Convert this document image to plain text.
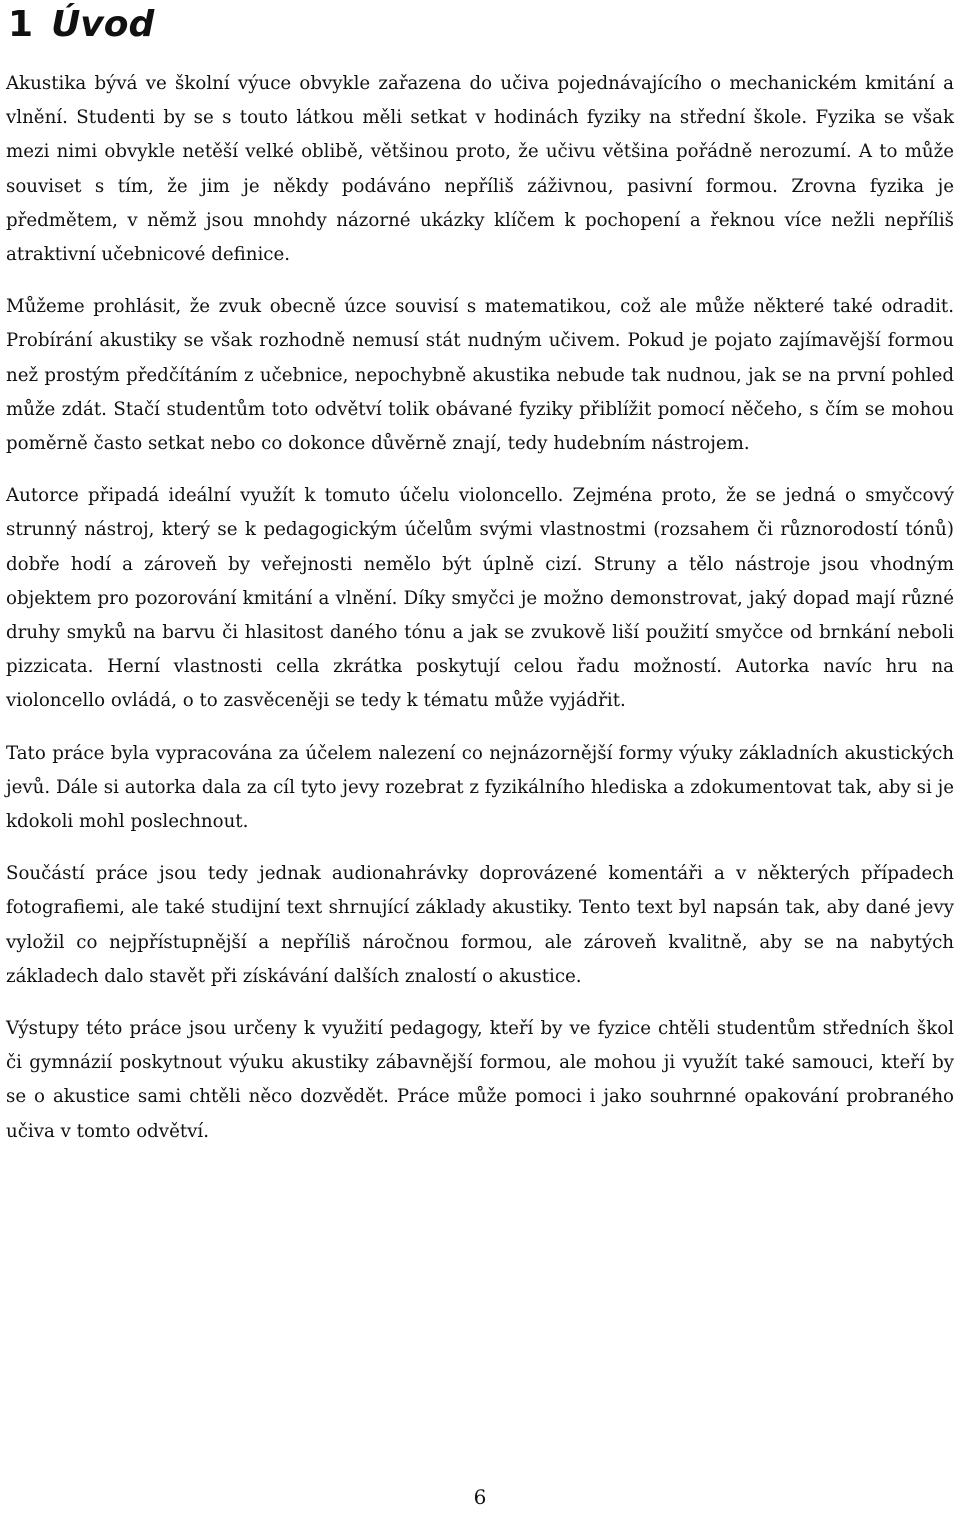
1 Úvod

Akustika bývá ve školní výuce obvykle zařazena do učiva pojednávajícího o mechanickém kmitání a vlnění. Studenti by se s touto látkou měli setkat v hodinách fyziky na střední škole. Fyzika se však mezi nimi obvykle netěší velké oblibě, většinou proto, že učivu většina pořádně nerozumí. A to může souviset s tím, že jim je někdy podáváno nepříliš záživnou, pasivní formou. Zrovna fyzika je předmětem, v němž jsou mnohdy názorné ukázky klíčem k pochopení a řeknou více nežli nepříliš atraktivní učebnicové definice.

Můžeme prohlásit, že zvuk obecně úzce souvisí s matematikou, což ale může některé také odradit. Probírání akustiky se však rozhodně nemusí stát nudným učivem. Pokud je pojato zajímavější formou než prostým předčítáním z učebnice, nepochybně akustika nebude tak nudnou, jak se na první pohled může zdát. Stačí studentům toto odvětví tolik obávané fyziky přiblížit pomocí něčeho, s čím se mohou poměrně často setkat nebo co dokonce důvěrně znají, tedy hudebním nástrojem.

Autorce připadá ideální využít k tomuto účelu violoncello. Zejména proto, že se jedná o smyčcový strunný nástroj, který se k pedagogickým účelům svými vlastnostmi (rozsahem či různorodostí tónů) dobře hodí a zároveň by veřejnosti nemělo být úplně cizí. Struny a tělo nástroje jsou vhodným objektem pro pozorování kmitání a vlnění. Díky smyčci je možno demonstrovat, jaký dopad mají různé druhy smyků na barvu či hlasitost daného tónu a jak se zvukově liší použití smyčce od brnkání neboli pizzicata. Herní vlastnosti cella zkrátka poskytují celou řadu možností. Autorka navíc hru na violoncello ovládá, o to zasvěceněji se tedy k tématu může vyjádřit.

Tato práce byla vypracována za účelem nalezení co nejnázornější formy výuky základních akustických jevů. Dále si autorka dala za cíl tyto jevy rozebrat z fyzikálního hlediska a zdokumentovat tak, aby si je kdokoli mohl poslechnout.

Součástí práce jsou tedy jednak audionahrávky doprovázené komentáři a v některých případech fotografiemi, ale také studijní text shrnující základy akustiky. Tento text byl napsán tak, aby dané jevy vyložil co nejpřístupnější a nepříliš náročnou formou, ale zároveň kvalitně, aby se na nabytých základech dalo stavět při získávání dalších znalostí o akustice.

Výstupy této práce jsou určeny k využití pedagogy, kteří by ve fyzice chtěli studentům středních škol či gymnázií poskytnout výuku akustiky zábavnější formou, ale mohou ji využít také samouci, kteří by se o akustice sami chtěli něco dozvědět. Práce může pomoci i jako souhrnné opakování probraného učiva v tomto odvětví.

6
